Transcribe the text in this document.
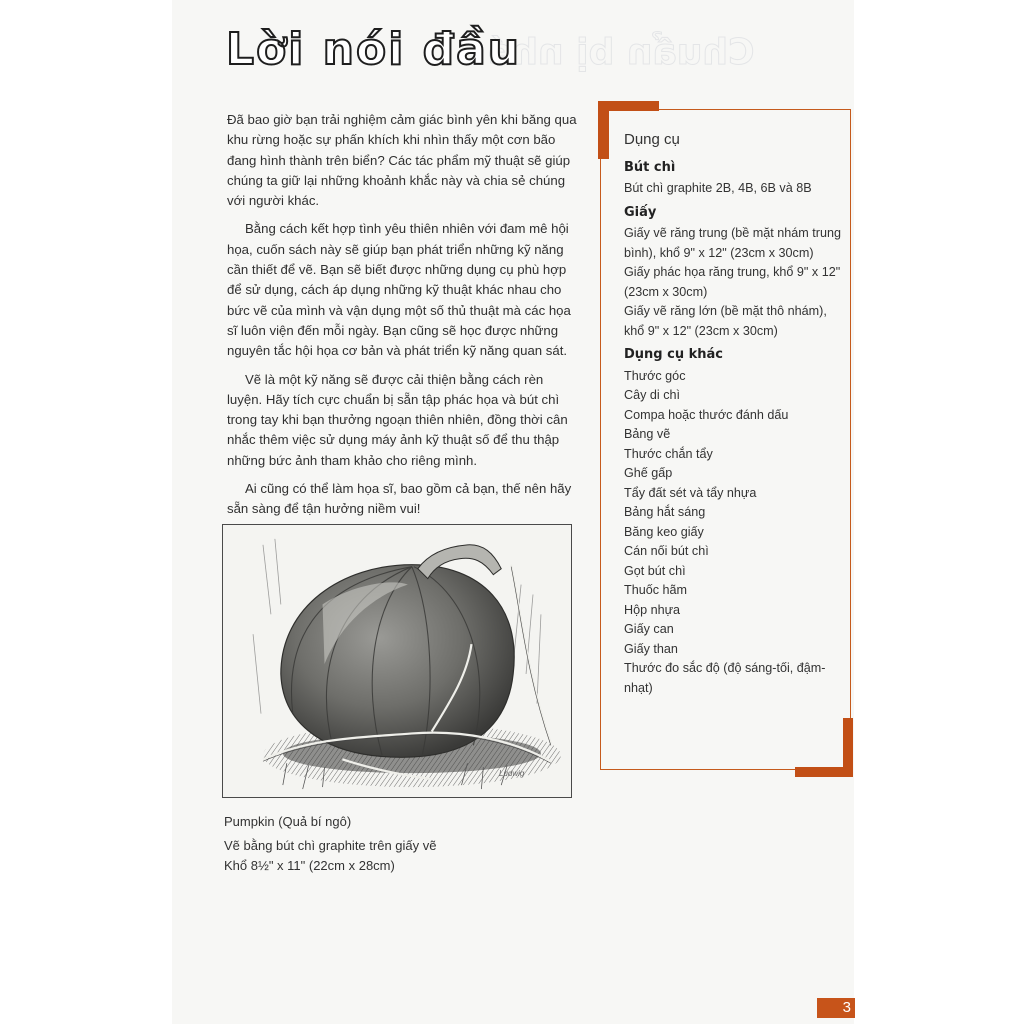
Chuẩn bị nhé
Lời nói đầu

Đã bao giờ bạn trải nghiệm cảm giác bình yên khi băng qua khu rừng hoặc sự phấn khích khi nhìn thấy một cơn bão đang hình thành trên biển? Các tác phẩm mỹ thuật sẽ giúp chúng ta giữ lại những khoảnh khắc này và chia sẻ chúng với người khác.

Bằng cách kết hợp tình yêu thiên nhiên với đam mê hội họa, cuốn sách này sẽ giúp bạn phát triển những kỹ năng cần thiết để vẽ. Bạn sẽ biết được những dụng cụ phù hợp để sử dụng, cách áp dụng những kỹ thuật khác nhau cho bức vẽ của mình và vận dụng một số thủ thuật mà các họa sĩ luôn viện đến mỗi ngày. Bạn cũng sẽ học được những nguyên tắc hội họa cơ bản và phát triển kỹ năng quan sát.

Vẽ là một kỹ năng sẽ được cải thiện bằng cách rèn luyện. Hãy tích cực chuẩn bị sẵn tập phác họa và bút chì trong tay khi bạn thưởng ngoạn thiên nhiên, đồng thời cân nhắc thêm việc sử dụng máy ảnh kỹ thuật số để thu thập những bức ảnh tham khảo cho riêng mình.

Ai cũng có thể làm họa sĩ, bao gồm cả bạn, thế nên hãy sẵn sàng để tận hưởng niềm vui!

Ludwig
Pumpkin (Quả bí ngô)
Vẽ bằng bút chì graphite trên giấy vẽ
Khổ 8½" x 11" (22cm x 28cm)
Dụng cụ
Bút chì
Bút chì graphite 2B, 4B, 6B và 8B
Giấy
Giấy vẽ răng trung (bề mặt nhám trung bình), khổ 9" x 12" (23cm x 30cm)
Giấy phác họa răng trung, khổ 9" x 12" (23cm x 30cm)
Giấy vẽ răng lớn (bề mặt thô nhám), khổ 9" x 12" (23cm x 30cm)
Dụng cụ khác
Thước góc
Cây di chì
Compa hoặc thước đánh dấu
Bảng vẽ
Thước chắn tẩy
Ghế gấp
Tẩy đất sét và tẩy nhựa
Bảng hắt sáng
Băng keo giấy
Cán nối bút chì
Gọt bút chì
Thuốc hãm
Hộp nhựa
Giấy can
Giấy than
Thước đo sắc độ (độ sáng-tối, đậm-nhạt)
3
